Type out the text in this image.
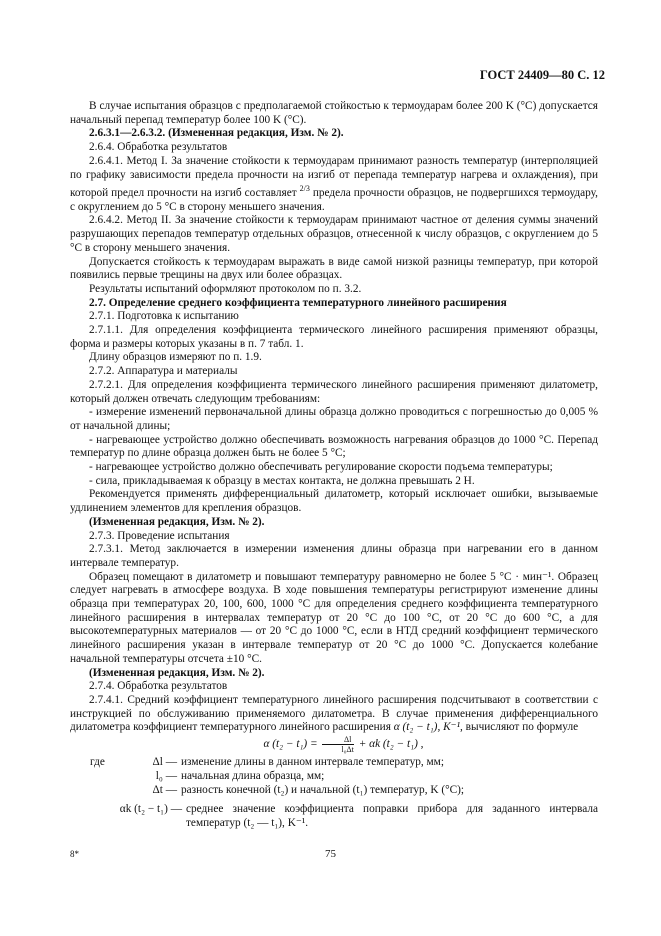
ГОСТ 24409—80 С. 12

В случае испытания образцов с предполагаемой стойкостью к термоударам более 200 K (°С) допускается начальный перепад температур более 100 K (°С).

2.6.3.1—2.6.3.2. (Измененная редакция, Изм. № 2).

2.6.4. Обработка результатов

2.6.4.1. Метод I. За значение стойкости к термоударам принимают разность температур (интерполяцией по графику зависимости предела прочности на изгиб от перепада температур нагрева и охлаждения), при которой предел прочности на изгиб составляет $^{2/3}$ предела прочности образцов, не подвергшихся термоудару, с округлением до 5 °С в сторону меньшего значения.

2.6.4.2. Метод II. За значение стойкости к термоударам принимают частное от деления суммы значений разрушающих перепадов температур отдельных образцов, отнесенной к числу образцов, с округлением до 5 °С в сторону меньшего значения.

Допускается стойкость к термоударам выражать в виде самой низкой разницы температур, при которой появились первые трещины на двух или более образцах.

Результаты испытаний оформляют протоколом по п. 3.2.

2.7. Определение среднего коэффициента температурного линейного расширения

2.7.1. Подготовка к испытанию

2.7.1.1. Для определения коэффициента термического линейного расширения применяют образцы, форма и размеры которых указаны в п. 7 табл. 1.

Длину образцов измеряют по п. 1.9.

2.7.2. Аппаратура и материалы

2.7.2.1. Для определения коэффициента термического линейного расширения применяют дилатометр, который должен отвечать следующим требованиям:

- измерение изменений первоначальной длины образца должно проводиться с погрешностью до 0,005 % от начальной длины;

- нагревающее устройство должно обеспечивать возможность нагревания образцов до 1000 °С. Перепад температур по длине образца должен быть не более 5 °С;

- нагревающее устройство должно обеспечивать регулирование скорости подъема температуры;

- сила, прикладываемая к образцу в местах контакта, не должна превышать 2 Н.

Рекомендуется применять дифференциальный дилатометр, который исключает ошибки, вызываемые удлинением элементов для крепления образцов.

(Измененная редакция, Изм. № 2).

2.7.3. Проведение испытания

2.7.3.1. Метод заключается в измерении изменения длины образца при нагревании его в данном интервале температур.

Образец помещают в дилатометр и повышают температуру равномерно не более 5 °С · мин⁻¹. Образец следует нагревать в атмосфере воздуха. В ходе повышения температуры регистрируют изменение длины образца при температурах 20, 100, 600, 1000 °С для определения среднего коэффициента температурного линейного расширения в интервалах температур от 20 °С до 100 °С, от 20 °С до 600 °С, а для высокотемпературных материалов — от 20 °С до 1000 °С, если в НТД средний коэффициент термического линейного расширения указан в интервале температур от 20 °С до 1000 °С. Допускается колебание начальной температуры отсчета ±10 °С.

(Измененная редакция, Изм. № 2).

2.7.4. Обработка результатов

2.7.4.1. Средний коэффициент температурного линейного расширения подсчитывают в соответствии с инструкцией по обслуживанию применяемого дилатометра. В случае применения дифференциального дилатометра коэффициент температурного линейного расширения α (t₂ − t₁), K⁻¹, вычисляют по формуле

α $(t_2 - t_1) = \frac{\Delta l}{\text{l₀Δt}} + \alpha k$ (t₂ − t₁) ,

где	Δl —	изменение длины в данном интервале температур, мм;
	l₀ —	начальная длина образца, мм;
	Δt —	разность конечной (t₂) и начальной (t₁) температур, K (°С);
αk (t₂ − t₁) —	среднее значение коэффициента поправки прибора для заданного интервала температур (t₂ — t₁), K⁻¹.
8*	75
